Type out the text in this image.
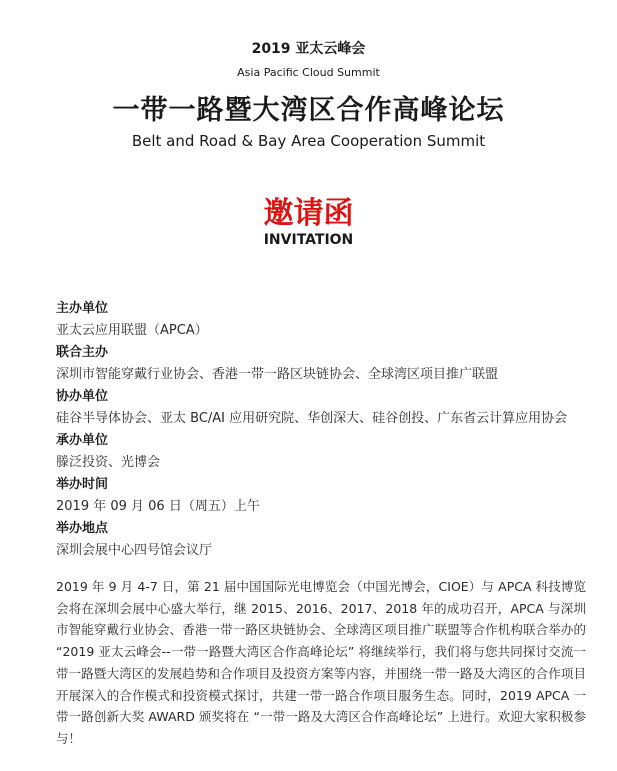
2019 亚太云峰会
Asia Pacific Cloud Summit
一带一路暨大湾区合作高峰论坛
Belt and Road & Bay Area Cooperation Summit
邀请函
INVITATION
主办单位
亚太云应用联盟（APCA）
联合主办
深圳市智能穿戴行业协会、香港一带一路区块链协会、全球湾区项目推广联盟
协办单位
硅谷半导体协会、亚太 BC/AI 应用研究院、华创深大、硅谷创投、广东省云计算应用协会
承办单位
滕泛投资、光博会
举办时间
2019 年 09 月 06 日（周五）上午
举办地点
深圳会展中心四号馆会议厅
2019 年 9 月 4-7 日，第 21 届中国国际光电博览会（中国光博会，CIOE）与 APCA 科技博览会将在深圳会展中心盛大举行，继 2015、2016、2017、2018 年的成功召开，APCA 与深圳市智能穿戴行业协会、香港一带一路区块链协会、全球湾区项目推广联盟等合作机构联合举办的 “2019 亚太云峰会--一带一路暨大湾区合作高峰论坛” 将继续举行，我们将与您共同探讨交流一带一路暨大湾区的发展趋势和合作项目及投资方案等内容，并围绕一带一路及大湾区的合作项目开展深入的合作模式和投资模式探讨，共建一带一路合作项目服务生态。同时，2019 APCA 一带一路创新大奖 AWARD 颁奖将在 “一带一路及大湾区合作高峰论坛” 上进行。欢迎大家积极参与！
